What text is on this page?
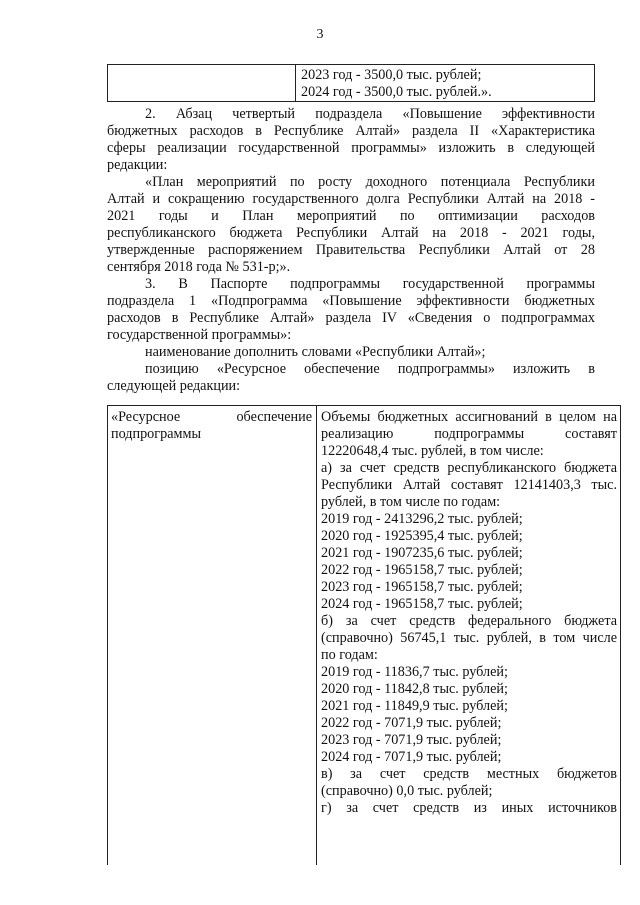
3
2023 год - 3500,0 тыс. рублей;
2024 год - 3500,0 тыс. рублей.».
2. Абзац четвертый подраздела «Повышение эффективности
бюджетных расходов в Республике Алтай» раздела II «Характеристика
сферы реализации государственной программы» изложить в следующей
редакции:
«План мероприятий по росту доходного потенциала Республики
Алтай и сокращению государственного долга Республики Алтай на 2018 -
2021 годы и План мероприятий по оптимизации расходов
республиканского бюджета Республики Алтай на 2018 - 2021 годы,
утвержденные распоряжением Правительства Республики Алтай от 28
сентября 2018 года № 531-р;».
3. В Паспорте подпрограммы государственной программы
подраздела 1 «Подпрограмма «Повышение эффективности бюджетных
расходов в Республике Алтай» раздела IV «Сведения о подпрограммах
государственной программы»:
наименование дополнить словами «Республики Алтай»;
позицию «Ресурсное обеспечение подпрограммы» изложить в
следующей редакции:
«Ресурсное обеспечение
подпрограммы
Объемы бюджетных ассигнований в целом на
реализацию подпрограммы составят
12220648,4 тыс. рублей, в том числе:
а) за счет средств республиканского бюджета
Республики Алтай составят 12141403,3 тыс.
рублей, в том числе по годам:
2019 год - 2413296,2 тыс. рублей;
2020 год - 1925395,4 тыс. рублей;
2021 год - 1907235,6 тыс. рублей;
2022 год - 1965158,7 тыс. рублей;
2023 год - 1965158,7 тыс. рублей;
2024 год - 1965158,7 тыс. рублей;
б) за счет средств федерального бюджета
(справочно) 56745,1 тыс. рублей, в том числе
по годам:
2019 год - 11836,7 тыс. рублей;
2020 год - 11842,8 тыс. рублей;
2021 год - 11849,9 тыс. рублей;
2022 год - 7071,9 тыс. рублей;
2023 год - 7071,9 тыс. рублей;
2024 год - 7071,9 тыс. рублей;
в) за счет средств местных бюджетов
(справочно) 0,0 тыс. рублей;
г) за счет средств из иных источников
